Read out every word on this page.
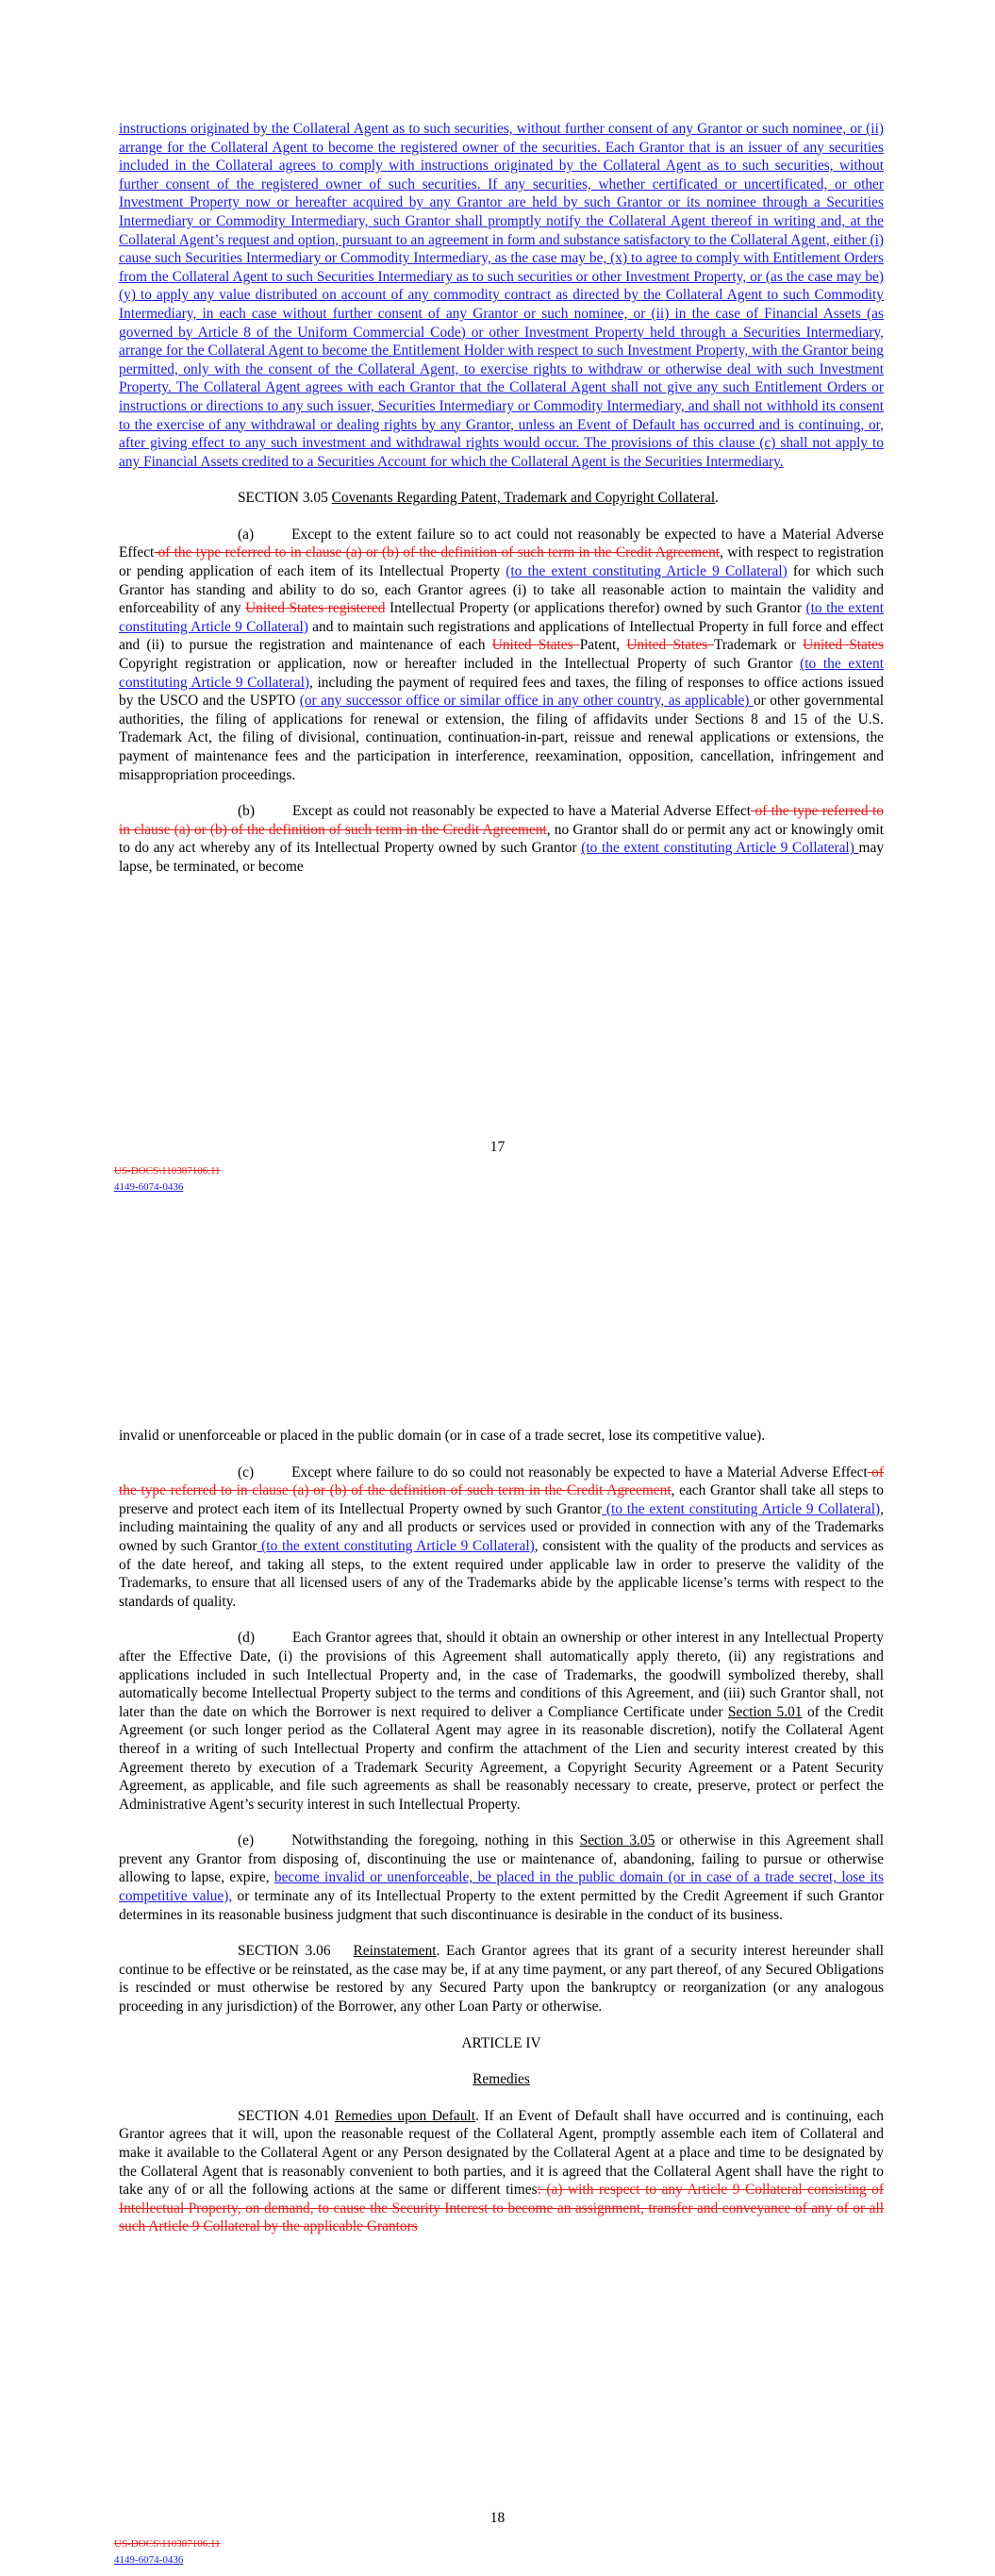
instructions originated by the Collateral Agent as to such securities, without further consent of any Grantor or such nominee, or (ii) arrange for the Collateral Agent to become the registered owner of the securities. Each Grantor that is an issuer of any securities included in the Collateral agrees to comply with instructions originated by the Collateral Agent as to such securities, without further consent of the registered owner of such securities. If any securities, whether certificated or uncertificated, or other Investment Property now or hereafter acquired by any Grantor are held by such Grantor or its nominee through a Securities Intermediary or Commodity Intermediary, such Grantor shall promptly notify the Collateral Agent thereof in writing and, at the Collateral Agent’s request and option, pursuant to an agreement in form and substance satisfactory to the Collateral Agent, either (i) cause such Securities Intermediary or Commodity Intermediary, as the case may be, (x) to agree to comply with Entitlement Orders from the Collateral Agent to such Securities Intermediary as to such securities or other Investment Property, or (as the case may be) (y) to apply any value distributed on account of any commodity contract as directed by the Collateral Agent to such Commodity Intermediary, in each case without further consent of any Grantor or such nominee, or (ii) in the case of Financial Assets (as governed by Article 8 of the Uniform Commercial Code) or other Investment Property held through a Securities Intermediary, arrange for the Collateral Agent to become the Entitlement Holder with respect to such Investment Property, with the Grantor being permitted, only with the consent of the Collateral Agent, to exercise rights to withdraw or otherwise deal with such Investment Property. The Collateral Agent agrees with each Grantor that the Collateral Agent shall not give any such Entitlement Orders or instructions or directions to any such issuer, Securities Intermediary or Commodity Intermediary, and shall not withhold its consent to the exercise of any withdrawal or dealing rights by any Grantor, unless an Event of Default has occurred and is continuing, or, after giving effect to any such investment and withdrawal rights would occur. The provisions of this clause (c) shall not apply to any Financial Assets credited to a Securities Account for which the Collateral Agent is the Securities Intermediary.

SECTION 3.05 Covenants Regarding Patent, Trademark and Copyright Collateral.

(a)	Except to the extent failure so to act could not reasonably be expected to have a Material Adverse Effect of the type referred to in clause (a) or (b) of the definition of such term in the Credit Agreement, with respect to registration or pending application of each item of its Intellectual Property (to the extent constituting Article 9 Collateral) for which such Grantor has standing and ability to do so, each Grantor agrees (i) to take all reasonable action to maintain the validity and enforceability of any United States registered Intellectual Property (or applications therefor) owned by such Grantor (to the extent constituting Article 9 Collateral) and to maintain such registrations and applications of Intellectual Property in full force and effect and (ii) to pursue the registration and maintenance of each United States Patent, United States Trademark or United States Copyright registration or application, now or hereafter included in the Intellectual Property of such Grantor (to the extent constituting Article 9 Collateral), including the payment of required fees and taxes, the filing of responses to office actions issued by the USCO and the USPTO (or any successor office or similar office in any other country, as applicable) or other governmental authorities, the filing of applications for renewal or extension, the filing of affidavits under Sections 8 and 15 of the U.S. Trademark Act, the filing of divisional, continuation, continuation-in-part, reissue and renewal applications or extensions, the payment of maintenance fees and the participation in interference, reexamination, opposition, cancellation, infringement and misappropriation proceedings.

(b)	Except as could not reasonably be expected to have a Material Adverse Effect of the type referred to in clause (a) or (b) of the definition of such term in the Credit Agreement, no Grantor shall do or permit any act or knowingly omit to do any act whereby any of its Intellectual Property owned by such Grantor (to the extent constituting Article 9 Collateral) may lapse, be terminated, or become

17
US-DOCS\110387106.11
4149-6074-0436

invalid or unenforceable or placed in the public domain (or in case of a trade secret, lose its competitive value).

(c)	Except where failure to do so could not reasonably be expected to have a Material Adverse Effect of the type referred to in clause (a) or (b) of the definition of such term in the Credit Agreement, each Grantor shall take all steps to preserve and protect each item of its Intellectual Property owned by such Grantor (to the extent constituting Article 9 Collateral), including maintaining the quality of any and all products or services used or provided in connection with any of the Trademarks owned by such Grantor (to the extent constituting Article 9 Collateral), consistent with the quality of the products and services as of the date hereof, and taking all steps, to the extent required under applicable law in order to preserve the validity of the Trademarks, to ensure that all licensed users of any of the Trademarks abide by the applicable license’s terms with respect to the standards of quality.

(d)	Each Grantor agrees that, should it obtain an ownership or other interest in any Intellectual Property after the Effective Date, (i) the provisions of this Agreement shall automatically apply thereto, (ii) any registrations and applications included in such Intellectual Property and, in the case of Trademarks, the goodwill symbolized thereby, shall automatically become Intellectual Property subject to the terms and conditions of this Agreement, and (iii) such Grantor shall, not later than the date on which the Borrower is next required to deliver a Compliance Certificate under Section 5.01 of the Credit Agreement (or such longer period as the Collateral Agent may agree in its reasonable discretion), notify the Collateral Agent thereof in a writing of such Intellectual Property and confirm the attachment of the Lien and security interest created by this Agreement thereto by execution of a Trademark Security Agreement, a Copyright Security Agreement or a Patent Security Agreement, as applicable, and file such agreements as shall be reasonably necessary to create, preserve, protect or perfect the Administrative Agent’s security interest in such Intellectual Property.

(e)	Notwithstanding the foregoing, nothing in this Section 3.05 or otherwise in this Agreement shall prevent any Grantor from disposing of, discontinuing the use or maintenance of, abandoning, failing to pursue or otherwise allowing to lapse, expire, become invalid or unenforceable, be placed in the public domain (or in case of a trade secret, lose its competitive value), or terminate any of its Intellectual Property to the extent permitted by the Credit Agreement if such Grantor determines in its reasonable business judgment that such discontinuance is desirable in the conduct of its business.

SECTION 3.06 Reinstatement. Each Grantor agrees that its grant of a security interest hereunder shall continue to be effective or be reinstated, as the case may be, if at any time payment, or any part thereof, of any Secured Obligations is rescinded or must otherwise be restored by any Secured Party upon the bankruptcy or reorganization (or any analogous proceeding in any jurisdiction) of the Borrower, any other Loan Party or otherwise.

ARTICLE IV

Remedies

SECTION 4.01 Remedies upon Default. If an Event of Default shall have occurred and is continuing, each Grantor agrees that it will, upon the reasonable request of the Collateral Agent, promptly assemble each item of Collateral and make it available to the Collateral Agent or any Person designated by the Collateral Agent at a place and time to be designated by the Collateral Agent that is reasonably convenient to both parties, and it is agreed that the Collateral Agent shall have the right to take any of or all the following actions at the same or different times: (a) with respect to any Article 9 Collateral consisting of Intellectual Property, on demand, to cause the Security Interest to become an assignment, transfer and conveyance of any of or all such Article 9 Collateral by the applicable Grantors

18
US-DOCS\110387106.11
4149-6074-0436
